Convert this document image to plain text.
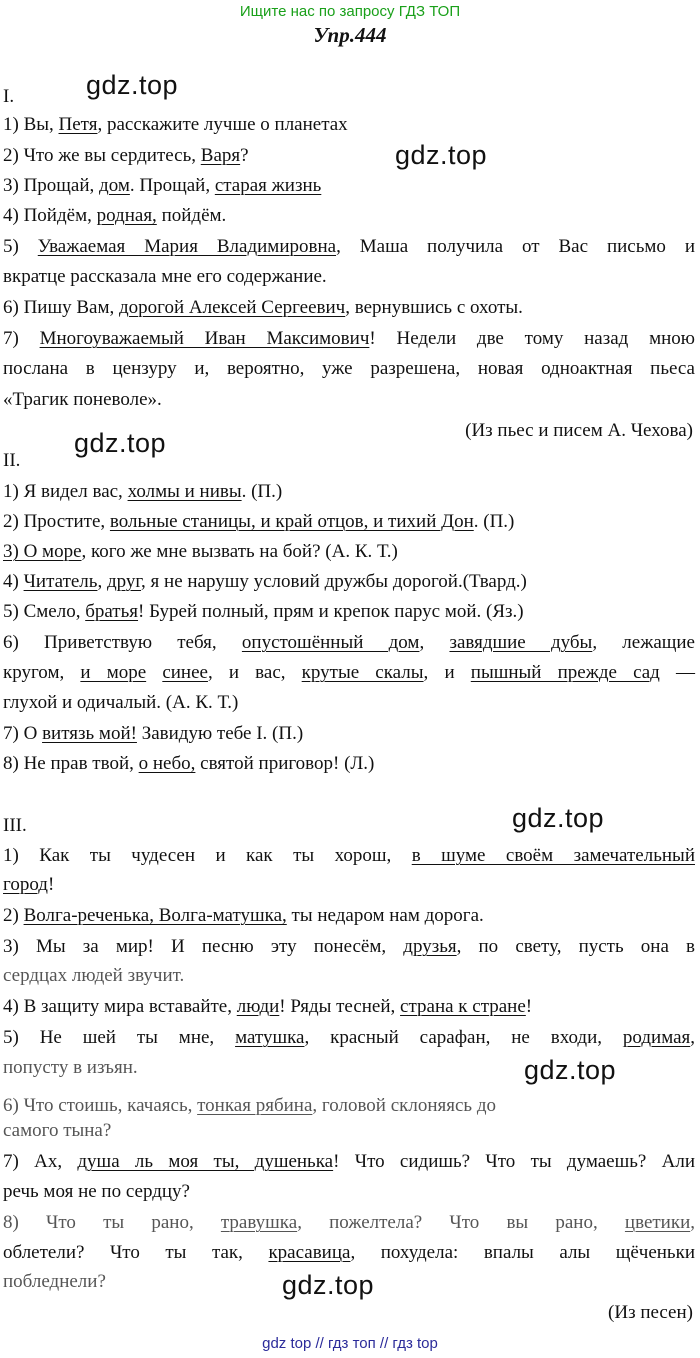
Ищите нас по запросу ГДЗ ТОП
Упр.444
gdz.top
gdz.top
gdz.top
gdz.top
gdz.top
gdz.top
I.
1) Вы, Петя, расскажите лучше о планетах
2) Что же вы сердитесь, Варя?
3) Прощай, дом. Прощай, старая жизнь
4) Пойдём, родная, пойдём.
5) Уважаемая Мария Владимировна, Маша получила от Вас письмо и
вкратце рассказала мне его содержание.
6) Пишу Вам, дорогой Алексей Сергеевич, вернувшись с охоты.
7) Многоуважаемый Иван Максимович! Недели две тому назад мною
послана в цензуру и, вероятно, уже разрешена, новая одноактная пьеса
«Трагик поневоле».
(Из пьес и писем А. Чехова)
II.
1) Я видел вас, холмы и нивы. (П.)
2) Простите, вольные станицы, и край отцов, и тихий Дон. (П.)
3) О море, кого же мне вызвать на бой? (А. К. Т.)
4) Читатель, друг, я не нарушу условий дружбы дорогой.(Твард.)
5) Смело, братья! Бурей полный, прям и крепок парус мой. (Яз.)
6) Приветствую тебя, опустошённый дом, завядшие дубы, лежащие
кругом, и море синее, и вас, крутые скалы, и пышный прежде сад —
глухой и одичалый. (А. К. Т.)
7) О витязь мой! Завидую тебе I. (П.)
8) Не прав твой, о небо, святой приговор! (Л.)
III.
1) Как ты чудесен и как ты хорош, в шуме своём замечательный
город!
2) Волга-реченька, Волга-матушка, ты недаром нам дорога.
3) Мы за мир! И песню эту понесём, друзья, по свету, пусть она в
сердцах людей звучит.
4) В защиту мира вставайте, люди! Ряды тесней, страна к стране!
5) Не шей ты мне, матушка, красный сарафан, не входи, родимая,
попусту в изъян.
6) Что стоишь, качаясь, тонкая рябина, головой склоняясь до
самого тына?
7) Ах, душа ль моя ты, душенька! Что сидишь? Что ты думаешь? Али
речь моя не по сердцу?
8) Что ты рано, травушка, пожелтела? Что вы рано, цветики,
облетели? Что ты так, красавица, похудела: впалы алы щёченьки
побледнели?
(Из песен)
gdz top // гдз топ // гдз top
